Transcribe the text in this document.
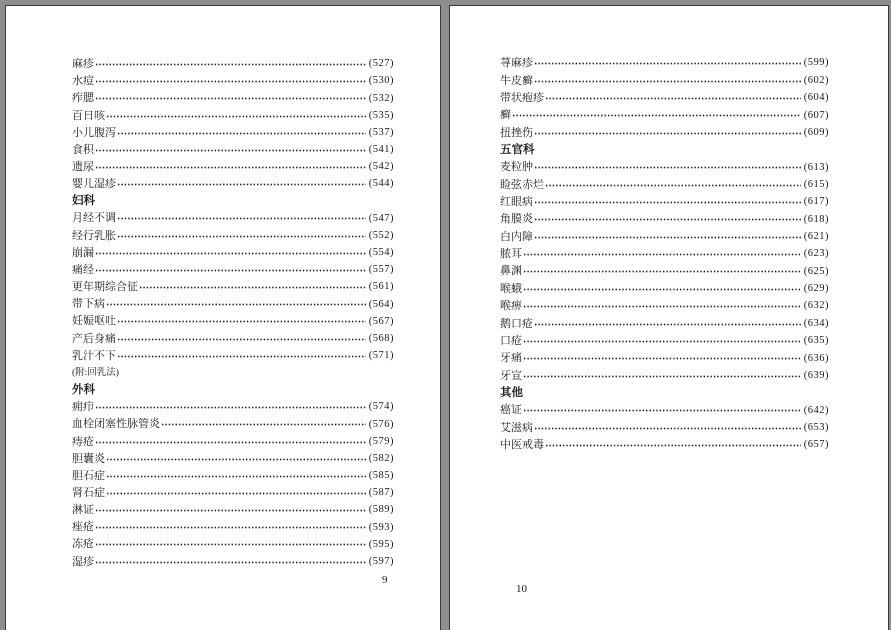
麻疹	(527)
水痘	(530)
痄腮	(532)
百日咳	(535)
小儿腹泻	(537)
食积	(541)
遗尿	(542)
婴儿湿疹	(544)
妇科
月经不调	(547)
经行乳胀	(552)
崩漏	(554)
痛经	(557)
更年期综合征	(561)
带下病	(564)
妊娠呕吐	(567)
产后身痛	(568)
乳汁不下	(571)
(附:回乳法)
外科
痈疖	(574)
血栓闭塞性脉管炎	(576)
痔疮	(579)
胆囊炎	(582)
胆石症	(585)
肾石症	(587)
淋证	(589)
痤疮	(593)
冻疮	(595)
湿疹	(597)
9
荨麻疹	(599)
牛皮癣	(602)
带状疱疹	(604)
癣	(607)
扭挫伤	(609)
五官科
麦粒肿	(613)
睑弦赤烂	(615)
红眼病	(617)
角膜炎	(618)
白内障	(621)
脓耳	(623)
鼻渊	(625)
喉蛾	(629)
喉痹	(632)
鹅口疮	(634)
口疮	(635)
牙痛	(636)
牙宣	(639)
其他
癌证	(642)
艾滋病	(653)
中医戒毒	(657)
10
